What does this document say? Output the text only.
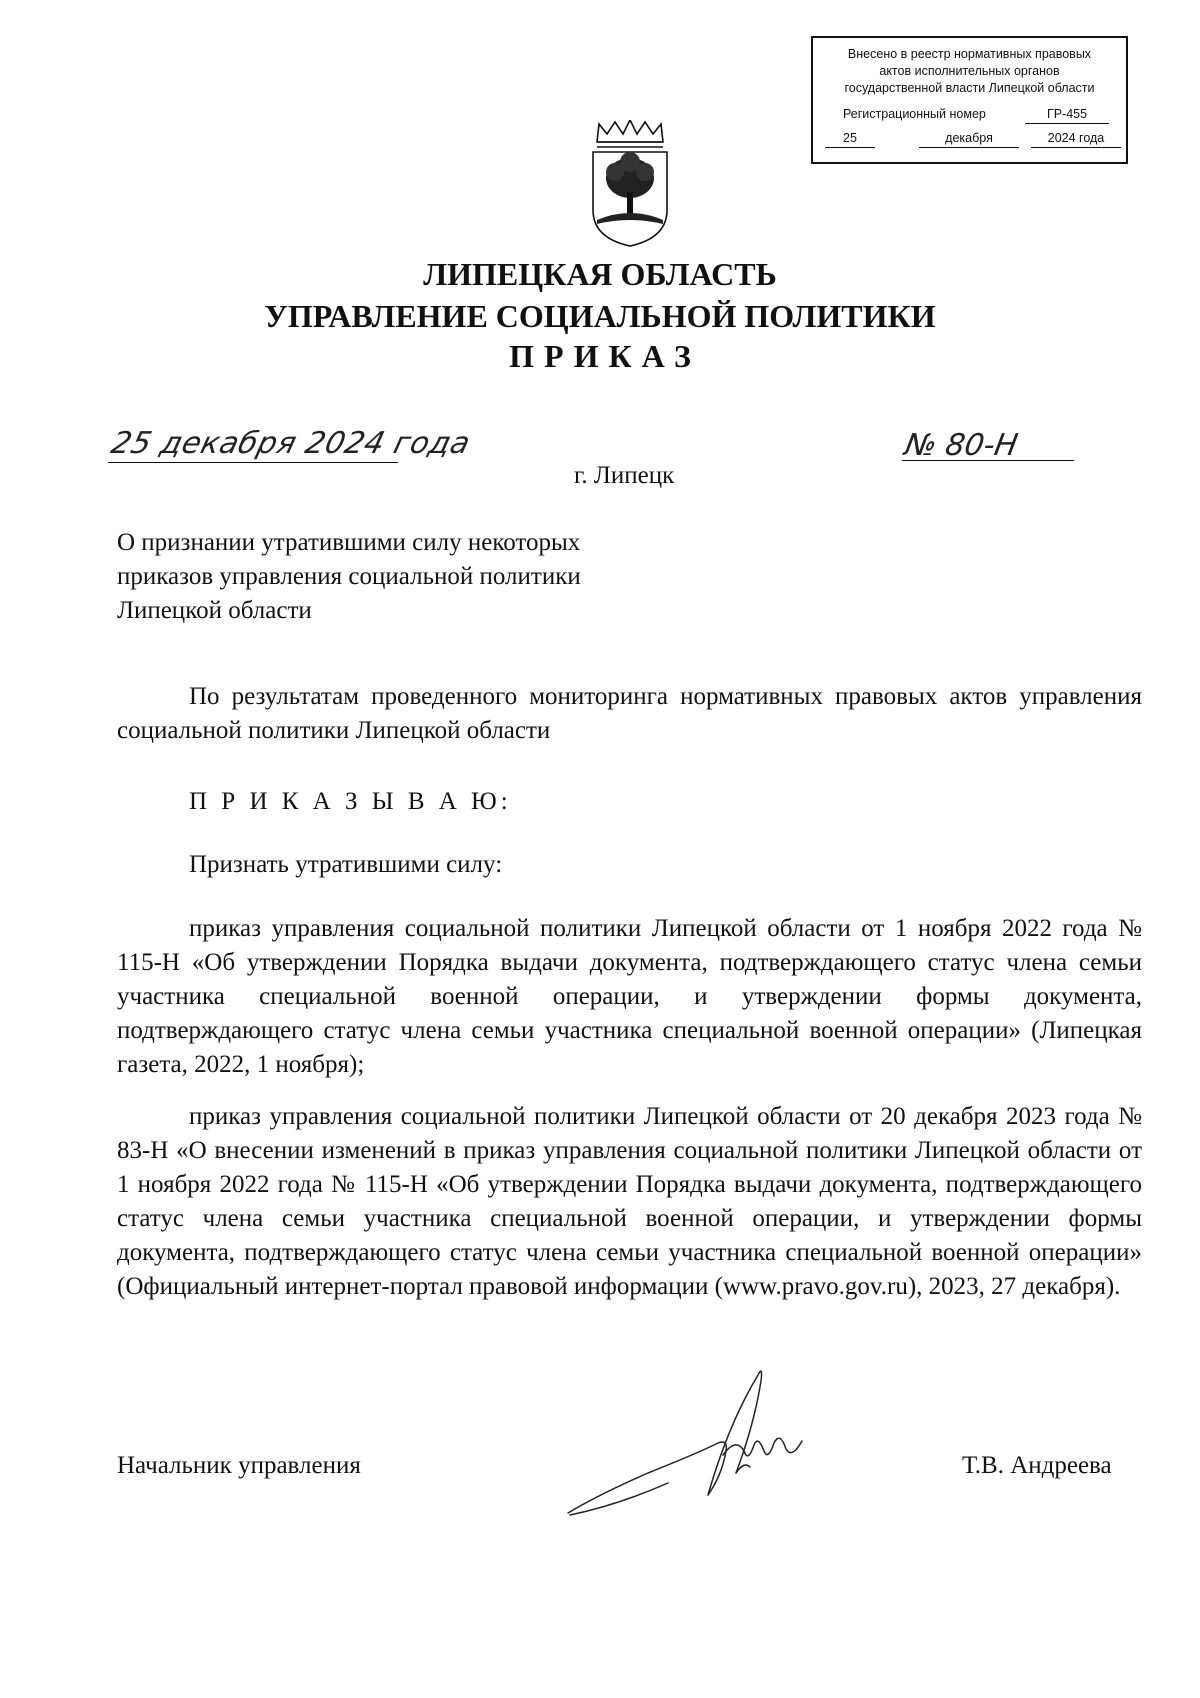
Внесено в реестр нормативных правовых
актов исполнительных органов
государственной власти Липецкой области
Регистрационный номер	ГР-455
25	декабря	2024 года
ЛИПЕЦКАЯ ОБЛАСТЬ
УПРАВЛЕНИЕ СОЦИАЛЬНОЙ ПОЛИТИКИ
ПРИКАЗ
25 декабря 2024 года	№ 80-Н
г. Липецк
О признании утратившими силу некоторых приказов управления социальной политики Липецкой области
По результатам проведенного мониторинга нормативных правовых актов управления социальной политики Липецкой области
П Р И К А З Ы В А Ю:
Признать утратившими силу:
приказ управления социальной политики Липецкой области от 1 ноября 2022 года № 115-Н «Об утверждении Порядка выдачи документа, подтверждающего статус члена семьи участника специальной военной операции, и утверждении формы документа, подтверждающего статус члена семьи участника специальной военной операции» (Липецкая газета, 2022, 1 ноября);
приказ управления социальной политики Липецкой области от 20 декабря 2023 года № 83-Н «О внесении изменений в приказ управления социальной политики Липецкой области от 1 ноября 2022 года № 115-Н «Об утверждении Порядка выдачи документа, подтверждающего статус члена семьи участника специальной военной операции, и утверждении формы документа, подтверждающего статус члена семьи участника специальной военной операции» (Официальный интернет-портал правовой информации (www.pravo.gov.ru), 2023, 27 декабря).
Начальник управления	Т.В. Андреева
